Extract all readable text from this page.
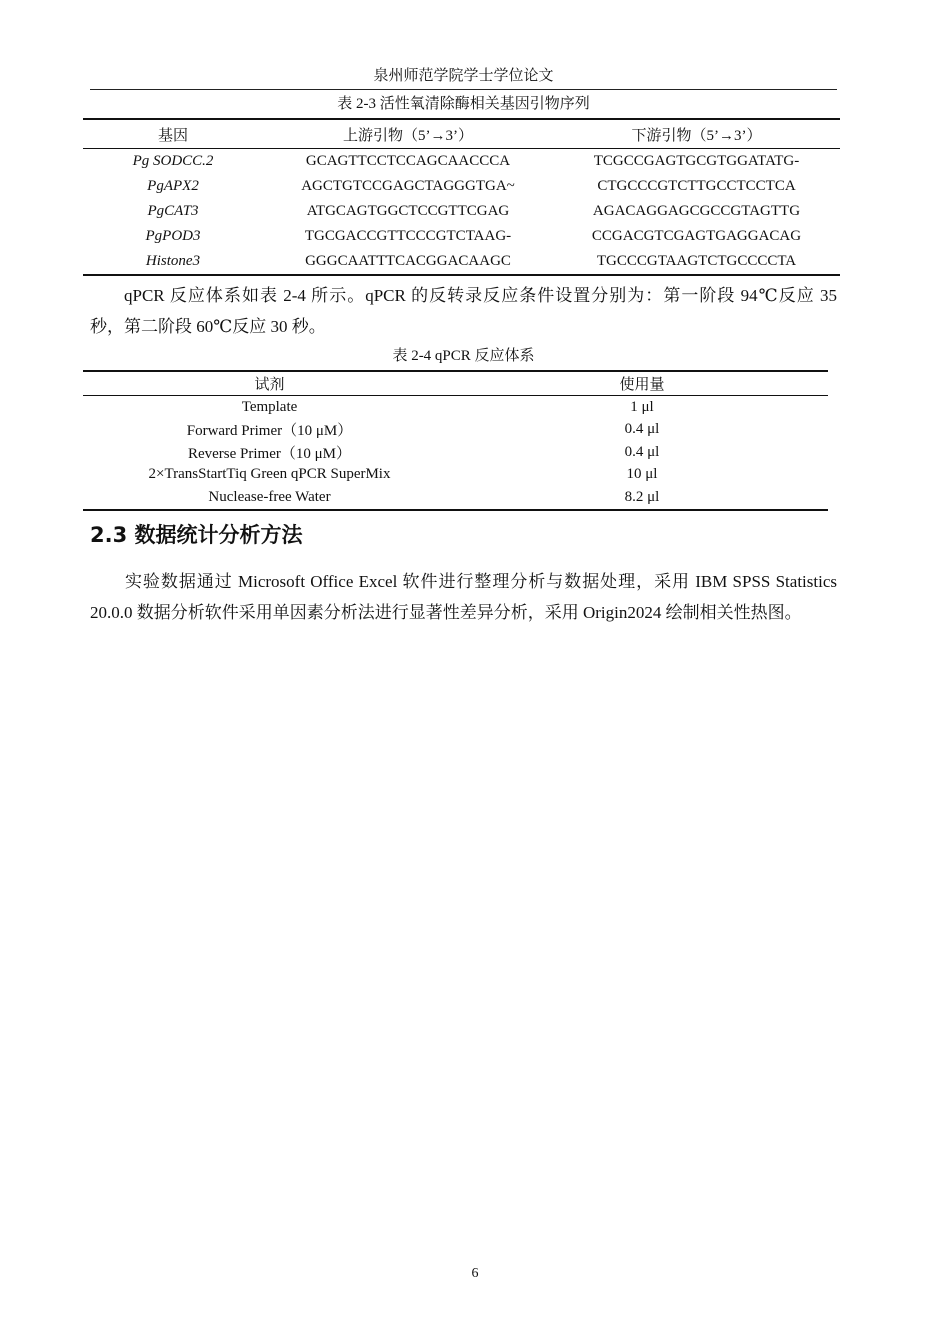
泉州师范学院学士学位论文
表 2-3 活性氧清除酶相关基因引物序列
基因	上游引物（5’→3’）	下游引物（5’→3’）
Pg SODCC.2	GCAGTTCCTCCAGCAACCCA	TCGCCGAGTGCGTGGATATG-
PgAPX2	AGCTGTCCGAGCTAGGGTGA~	CTGCCCGTCTTGCCTCCTCA
PgCAT3	ATGCAGTGGCTCCGTTCGAG	AGACAGGAGCGCCGTAGTTG
PgPOD3	TGCGACCGTTCCCGTCTAAG-	CCGACGTCGAGTGAGGACAG
Histone3	GGGCAATTTCACGGACAAGC	TGCCCGTAAGTCTGCCCCTA
qPCR 反应体系如表 2-4 所示。qPCR 的反转录反应条件设置分别为：第一阶段 94℃反应 35 秒，第二阶段 60℃反应 30 秒。
表 2-4 qPCR 反应体系
试剂	使用量
Template	1 μl
Forward Primer（10 μM）	0.4 μl
Reverse Primer（10 μM）	0.4 μl
2×TransStartTiq Green qPCR SuperMix	10 μl
Nuclease-free Water	8.2 μl
2.3 数据统计分析方法
实验数据通过 Microsoft Office Excel 软件进行整理分析与数据处理，采用 IBM SPSS Statistics 20.0.0 数据分析软件采用单因素分析法进行显著性差异分析，采用 Origin2024 绘制相关性热图。
6
